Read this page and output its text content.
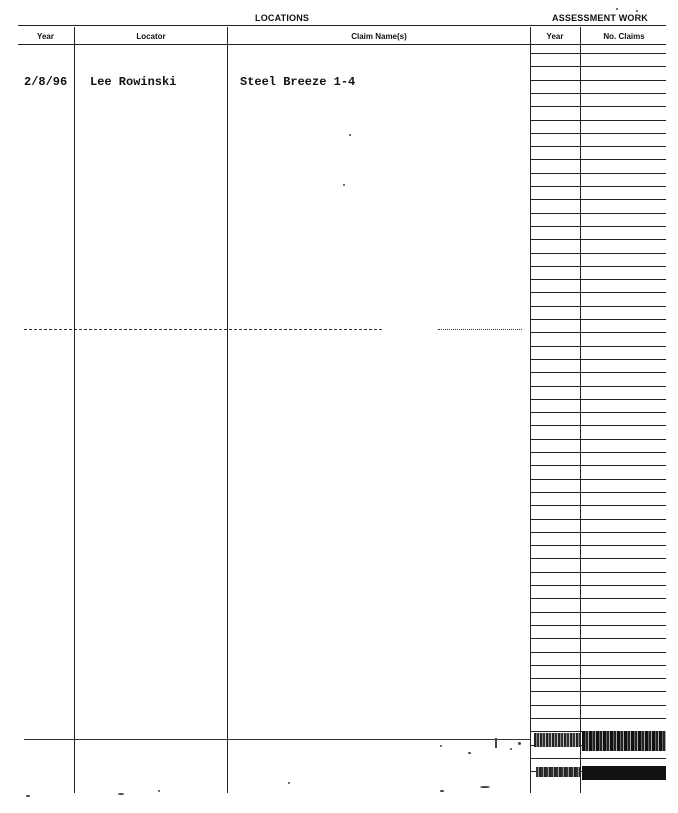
LOCATIONS	ASSESSMENT WORK
Year	Locator	Claim Name(s)	Year	No. Claims
2/8/96 Lee Rowinski	Steel Breeze 1-4
